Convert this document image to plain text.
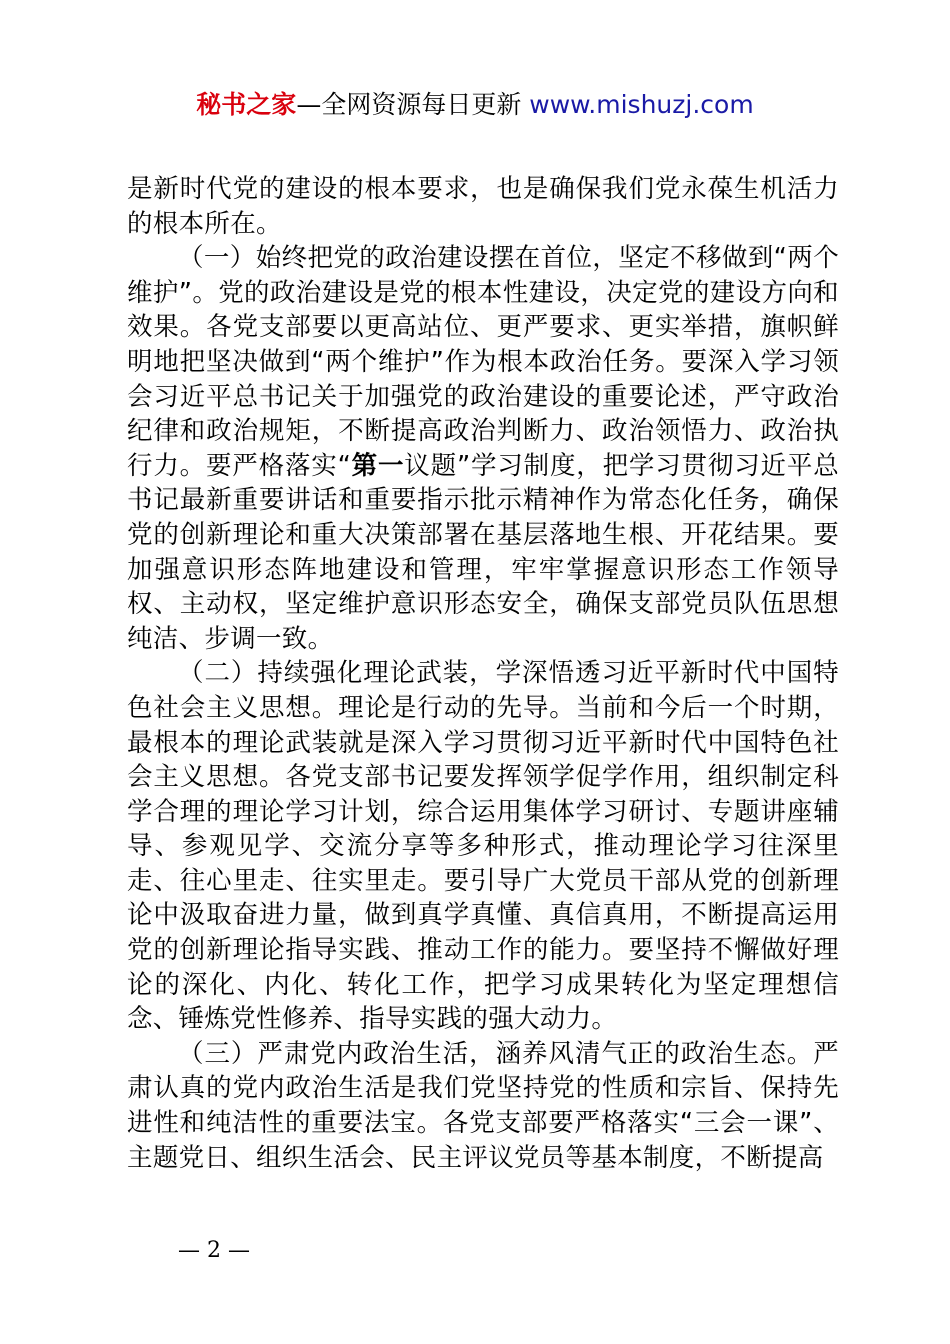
秘书之家—全网资源每日更新 www.mishuzj.com

是新时代党的建设的根本要求，也是确保我们党永葆生机活力的根本所在。

（一）始终把党的政治建设摆在首位，坚定不移做到“两个维护”。党的政治建设是党的根本性建设，决定党的建设方向和效果。各党支部要以更高站位、更严要求、更实举措，旗帜鲜明地把坚决做到“两个维护”作为根本政治任务。要深入学习领会习近平总书记关于加强党的政治建设的重要论述，严守政治纪律和政治规矩，不断提高政治判断力、政治领悟力、政治执行力。要严格落实“第一议题”学习制度，把学习贯彻习近平总书记最新重要讲话和重要指示批示精神作为常态化任务，确保党的创新理论和重大决策部署在基层落地生根、开花结果。要加强意识形态阵地建设和管理，牢牢掌握意识形态工作领导权、主动权，坚定维护意识形态安全，确保支部党员队伍思想纯洁、步调一致。

（二）持续强化理论武装，学深悟透习近平新时代中国特色社会主义思想。理论是行动的先导。当前和今后一个时期，最根本的理论武装就是深入学习贯彻习近平新时代中国特色社会主义思想。各党支部书记要发挥领学促学作用，组织制定科学合理的理论学习计划，综合运用集体学习研讨、专题讲座辅导、参观见学、交流分享等多种形式，推动理论学习往深里走、往心里走、往实里走。要引导广大党员干部从党的创新理论中汲取奋进力量，做到真学真懂、真信真用，不断提高运用党的创新理论指导实践、推动工作的能力。要坚持不懈做好理论的深化、内化、转化工作，把学习成果转化为坚定理想信念、锤炼党性修养、指导实践的强大动力。

（三）严肃党内政治生活，涵养风清气正的政治生态。严肃认真的党内政治生活是我们党坚持党的性质和宗旨、保持先进性和纯洁性的重要法宝。各党支部要严格落实“三会一课”、主题党日、组织生活会、民主评议党员等基本制度，不断提高

— 2 —
